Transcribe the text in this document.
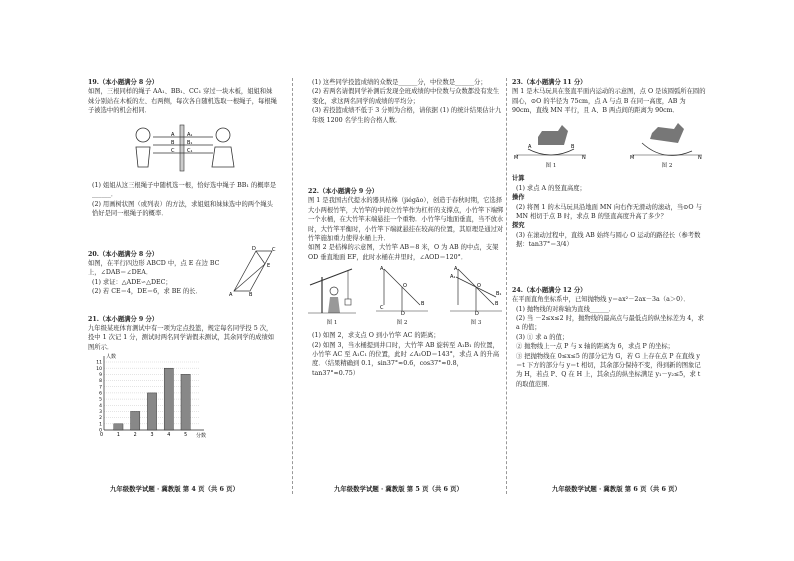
19.（本小题满分 8 分）

如图，三根同样的绳子 AA₁、BB₁、CC₁ 穿过一块木板，姐姐和妹妹分别站在木板的左、右两侧，每次各自随机选取一根绳子，每根绳子被选中的机会相同．

A
B
C
A₁
B₁
C₁

(1) 姐姐从这三根绳子中随机选一根，恰好选中绳子 BB₁ 的概率是______．

(2) 用画树状图（或列表）的方法，求姐姐和妹妹选中的两个绳头恰好是同一根绳子的概率．

20.（本小题满分 8 分）

如图，在平行四边形 ABCD 中，点 E 在边 BC 上，∠DAB＝∠DEA．

(1) 求证：△ADE∽△DEC；

(2) 若 CE＝4，DE＝6，求 BE 的长．	A	B
C
D
E

21.（本小题满分 9 分）

九年级某班体育测试中有一项为定点投篮，规定每名同学投 5 次，投中 1 次记 1 分，测试时两名同学请假未测试，其余同学的成绩如图所示．

0
1
2
3
4
5
6
7
8
9
10
11
人数
分数
1	2	3	4	5
0
九年级数学试题 · 冀教版 第 4 页（共 6 页）

(1) 这些同学投篮成绩的众数是______分，中位数是______分；

(2) 若两名请假同学补测后发现全班成绩的中位数与众数都没有发生变化，求这两名同学的成绩的平均分；

(3) 若投篮成绩不低于 3 分则为合格，请依据 (1) 的统计结果估计九年级 1200 名学生的合格人数．

22.（本小题满分 9 分）

图 1 是我国古代提水的器具桔槔（jiégāo），创造于春秋时期，它选择大小两根竹竿，大竹竿的中间立竹竿作为杠杆的支撑点，小竹竿下端绑一个水桶，在大竹竿末端悬挂一个重物．小竹竿与地面垂直，当不放水时，大竹竿平衡时，小竹竿下端就悬挂在较高的位置，其原理是通过对竹竿施加重力使得水桶上升．

如图 2 是桔槔的示意图，大竹竿 AB＝8 米，O 为 AB 的中点，支架 OD 垂直地面 EF，此时水桶在井里时，∠AOD＝120°．

图 1
A
O
B
C
D
图 2
A
A₁
O
B
B₁
D
图 3

(1) 如图 2，求支点 O 到小竹竿 AC 的距离；

(2) 如图 3，当水桶提到井口时，大竹竿 AB 旋转至 A₁B₁ 的位置，小竹竿 AC 至 A₁C₁ 的位置，此时 ∠A₁OD＝143°，求点 A 的升高度．（结果精确到 0.1，sin37°≈0.6，cos37°≈0.8，tan37°≈0.75）

九年级数学试题 · 冀教版 第 5 页（共 6 页）

23.（本小题满分 11 分）

图 1 是木马玩具在竖直平面内运动的示意图，点 O 是该圆弧所在圆的圆心，⊙O 的半径为 75cm，点 A 与点 B 在同一高度，AB 为 90cm，直线 MN 平行，且 A、B 两点间的距离为 90cm．

A	B
M	N
图 1
M	N
图 2

计算

(1) 求点 A 的竖直高度；

操作

(2) 将图 1 的木马玩具沿地面 MN 向右作无滑动的滚动，当⊙O 与 MN 相切于点 B 时，求点 B 的竖直高度升高了多少？

探究

(3) 在滚动过程中，直线 AB 始终与圆心 O 运动的路径长（参考数据：tan37°＝3/4）

24.（本小题满分 12 分）

在平面直角坐标系中，已知抛物线 y＝ax²－2ax－3a（a＞0）．

(1) 抛物线的对称轴为直线______．

(2) 当 －2≤x≤2 时，抛物线的最高点与最低点的纵坐标差为 4，求 a 的值；

(3) ① 求 a 的值；

② 抛物线上一点 P 与 x 轴的距离为 6，求点 P 的坐标；

③ 把抛物线在 0≤x≤5 的部分记为 G，若 G 上存在点 P 在直线 y＝t 下方的部分与 y＝t 相切，其余部分保持不变，得到新的图象记为 H，若点 P、Q 在 H 上，其余点的纵坐标满足 y₁－y₂≤5，求 t 的取值范围．

九年级数学试题 · 冀教版 第 6 页（共 6 页）
